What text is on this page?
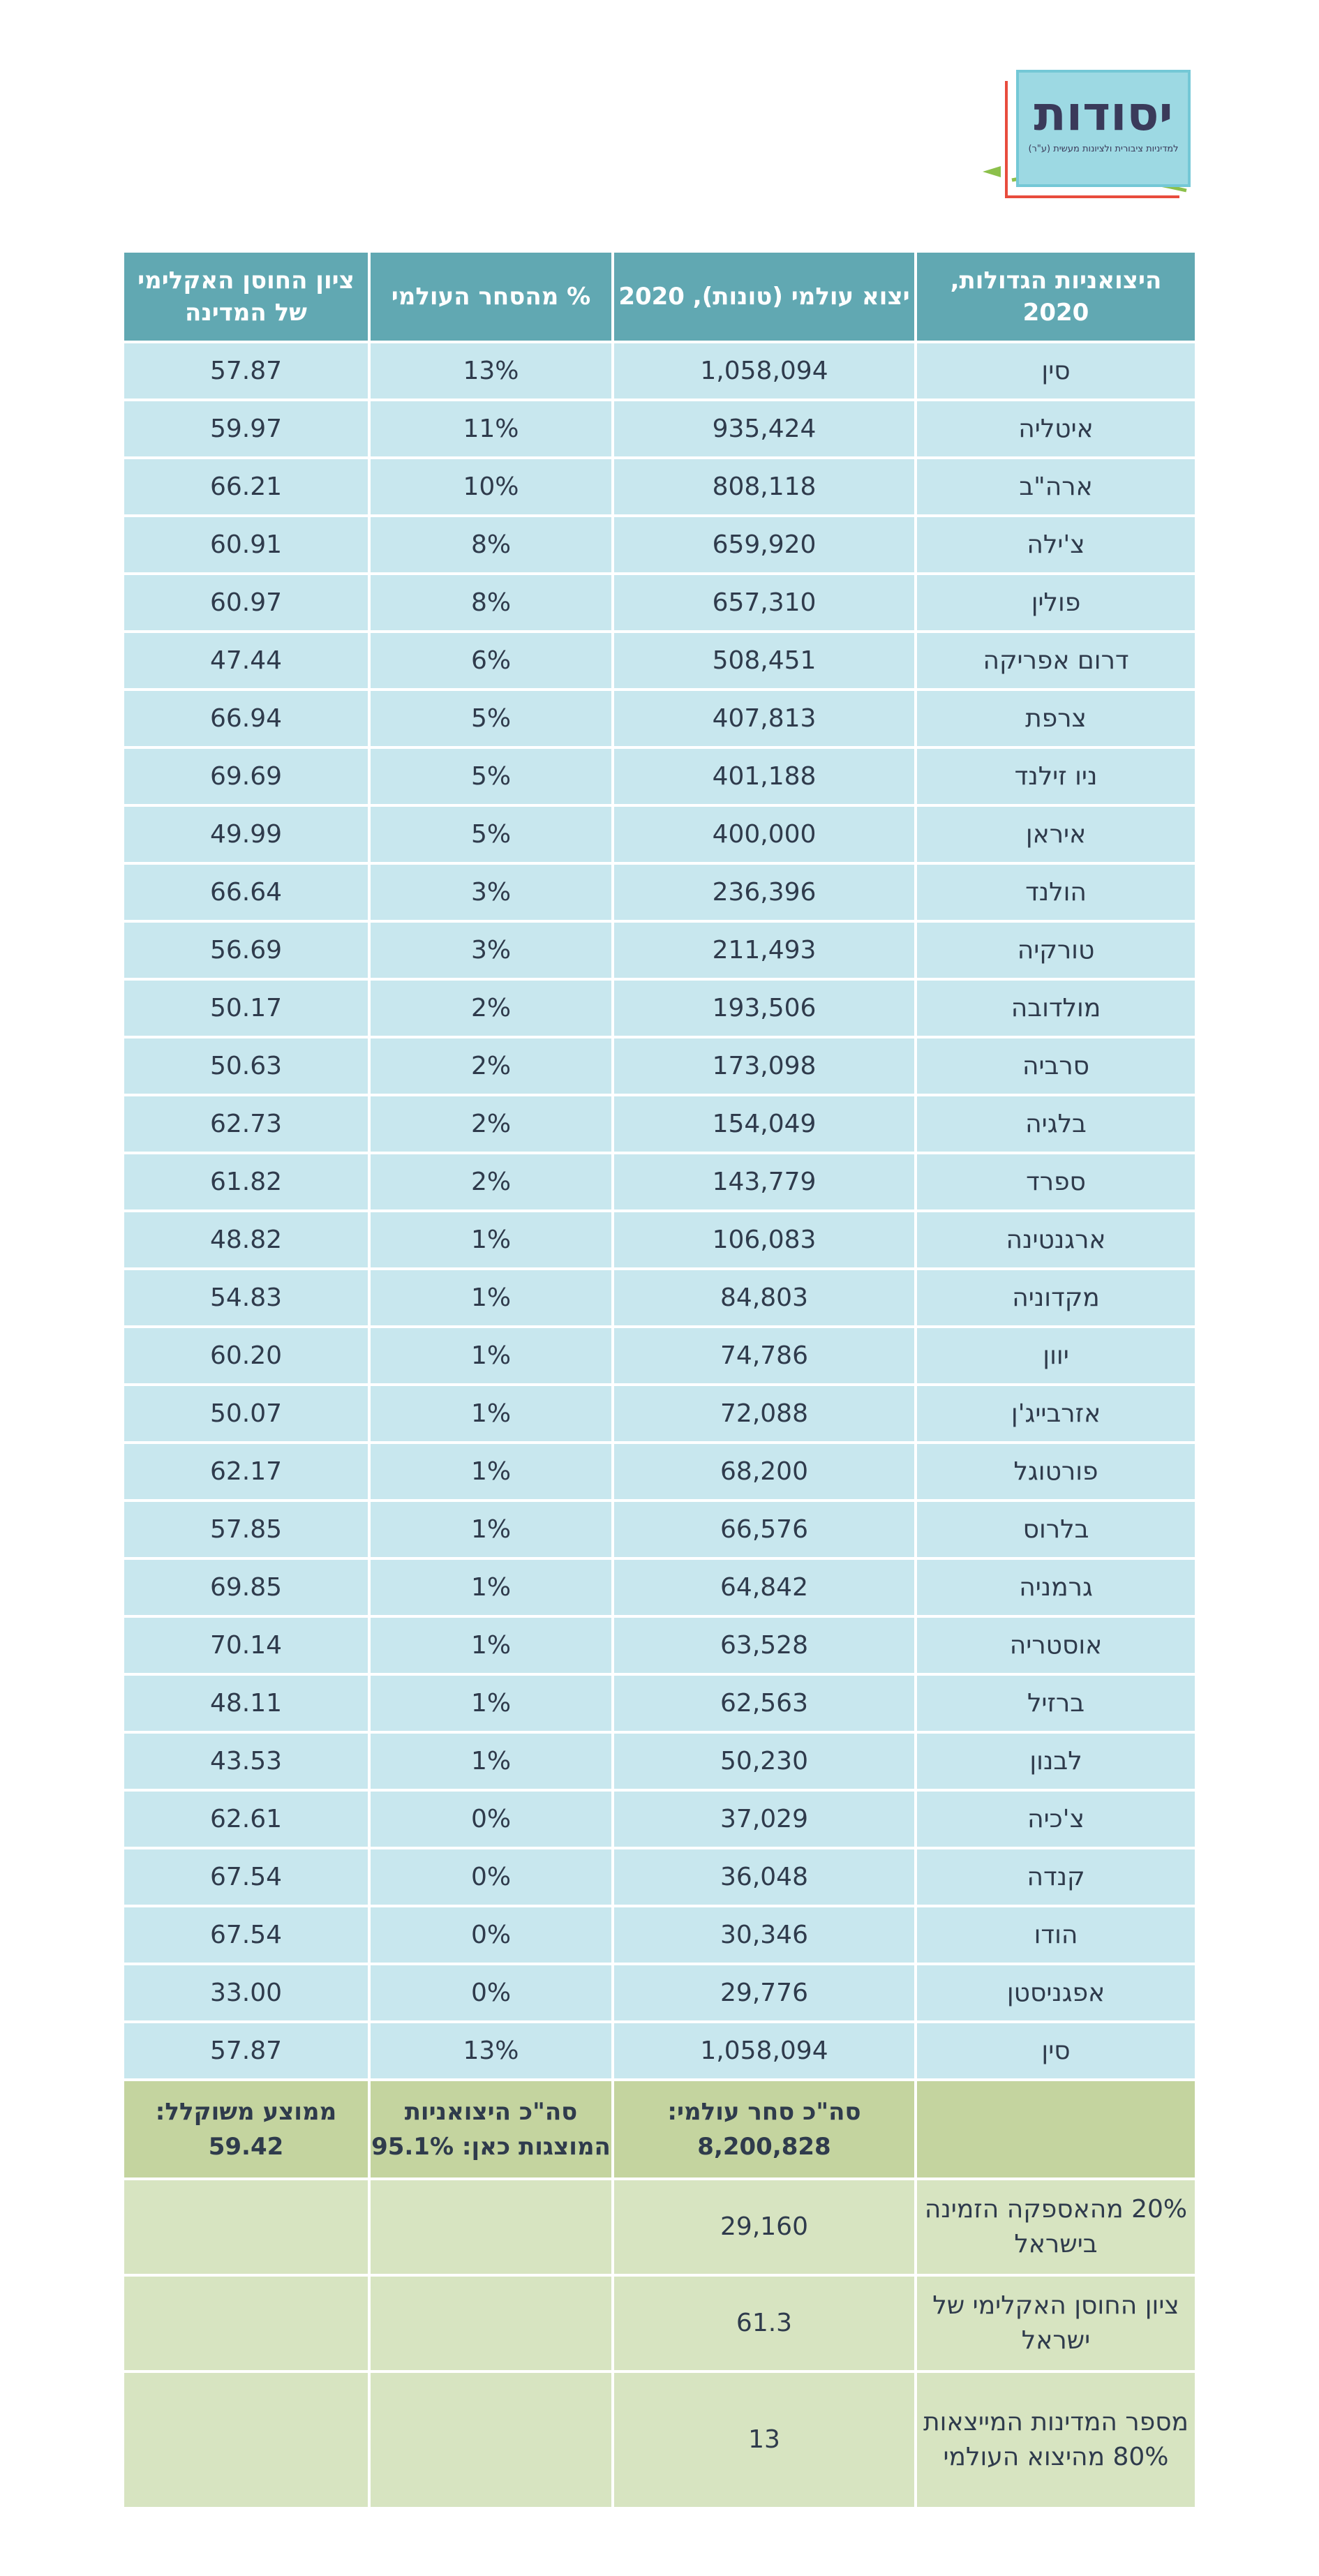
יסודות
למדיניות ציבורית ולציונות מעשית (ע"ר)
היצואניות הגדולות, 2020
יצוא עולמי (טונות), 2020
% מהסחר העולמי
ציון החוסן האקלימי של המדינה
סין
1,058,094
13%
57.87
איטליה
935,424
11%
59.97
ארה"ב
808,118
10%
66.21
צ'ילה
659,920
8%
60.91
פולין
657,310
8%
60.97
דרום אפריקה
508,451
6%
47.44
צרפת
407,813
5%
66.94
ניו זילנד
401,188
5%
69.69
איראן
400,000
5%
49.99
הולנד
236,396
3%
66.64
טורקיה
211,493
3%
56.69
מולדובה
193,506
2%
50.17
סרביה
173,098
2%
50.63
בלגיה
154,049
2%
62.73
ספרד
143,779
2%
61.82
ארגנטינה
106,083
1%
48.82
מקדוניה
84,803
1%
54.83
יוון
74,786
1%
60.20
אזרבייג'ן
72,088
1%
50.07
פורטוגל
68,200
1%
62.17
בלרוס
66,576
1%
57.85
גרמניה
64,842
1%
69.85
אוסטריה
63,528
1%
70.14
ברזיל
62,563
1%
48.11
לבנון
50,230
1%
43.53
צ'כיה
37,029
0%
62.61
קנדה
36,048
0%
67.54
הודו
30,346
0%
67.54
אפגניסטן
29,776
0%
33.00
סין
1,058,094
13%
57.87
סה"כ סחר עולמי: 8,200,828
סה"כ היצואניות המוצגות כאן: 95.1%
ממוצע משוקלל: 59.42
20% מהאספקה הזמינה בישראל
29,160
ציון החוסן האקלימי של ישראל
61.3
מספר המדינות המייצאות 80% מהיצוא העולמי
13
